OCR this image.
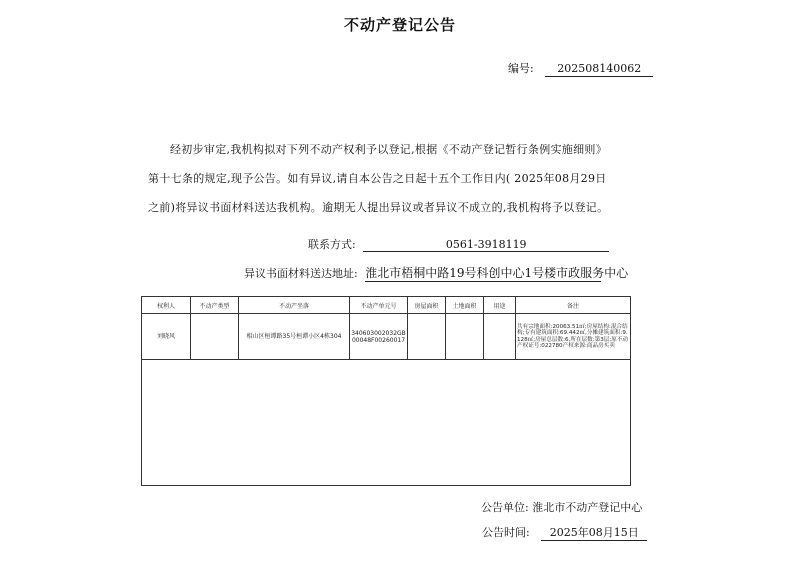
不动产登记公告
编号: 202508140062
经初步审定,我机构拟对下列不动产权利予以登记,根据《不动产登记暂行条例实施细则》
第十七条的规定,现予公告。如有异议,请自本公告之日起十五个工作日内( 2025年08月29日
之前)将异议书面材料送达我机构。逾期无人提出异议或者异议不成立的,我机构将予以登记。
联系方式:	0561-3918119
异议书面材料送达地址: 淮北市梧桐中路19号科创中心1号楼市政服务中心
权利人	不动产类型	不动产坐落	不动产单元号	房屋面积	土地面积	用途	备注
刘晓风		相山区桓谭路35号桓谭小区4栋304	340603002032GB00048F00260017				共有宗地面积:20063.51㎡;房屋结构:混合结构;专有建筑面积:69.442㎡,分摊建筑面积:9.128㎡;房屋总层数:6,所在层数:第3层;原不动产权证号:022780产权来源:商品房买卖

公告单位: 淮北市不动产登记中心
公告时间: 2025年08月15日
